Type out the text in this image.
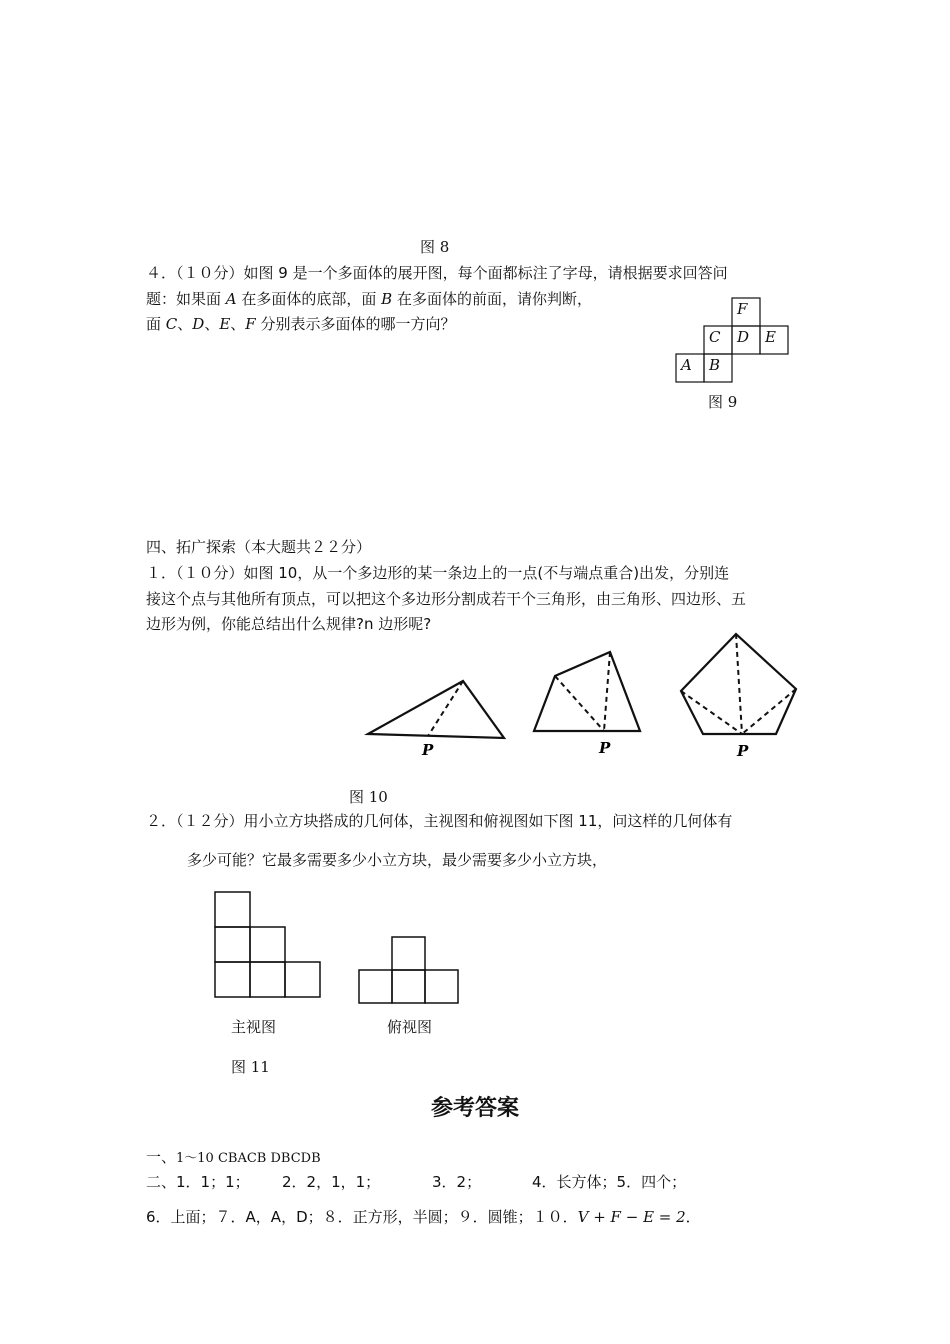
图 8
４．（１０分）如图 9 是一个多面体的展开图，每个面都标注了字母，请根据要求回答问
题：如果面 A 在多面体的底部，面 B 在多面体的前面，请你判断，
面 C、D、E、F 分别表示多面体的哪一方向？
F
C D E
A B
图 9
四、拓广探索（本大题共２２分）
１．（１０分）如图 10，从一个多边形的某一条边上的一点(不与端点重合)出发，分别连
接这个点与其他所有顶点，可以把这个多边形分割成若干个三角形，由三角形、四边形、五
边形为例，你能总结出什么规律?n 边形呢?
P	P	P
图 10
２．（１２分）用小立方块搭成的几何体，主视图和俯视图如下图 11，问这样的几何体有
多少可能？它最多需要多少小立方块，最少需要多少小立方块，
主视图	俯视图
图 11
参考答案
一、1～10 CBACB DBCDB
二、 1．1；1； 2．2，1，1；	3．2；	4．长方体；5．四个；
6．上面；７．A，A，D；８．正方形，半圆；９．圆锥；１０．V + F − E = 2．
